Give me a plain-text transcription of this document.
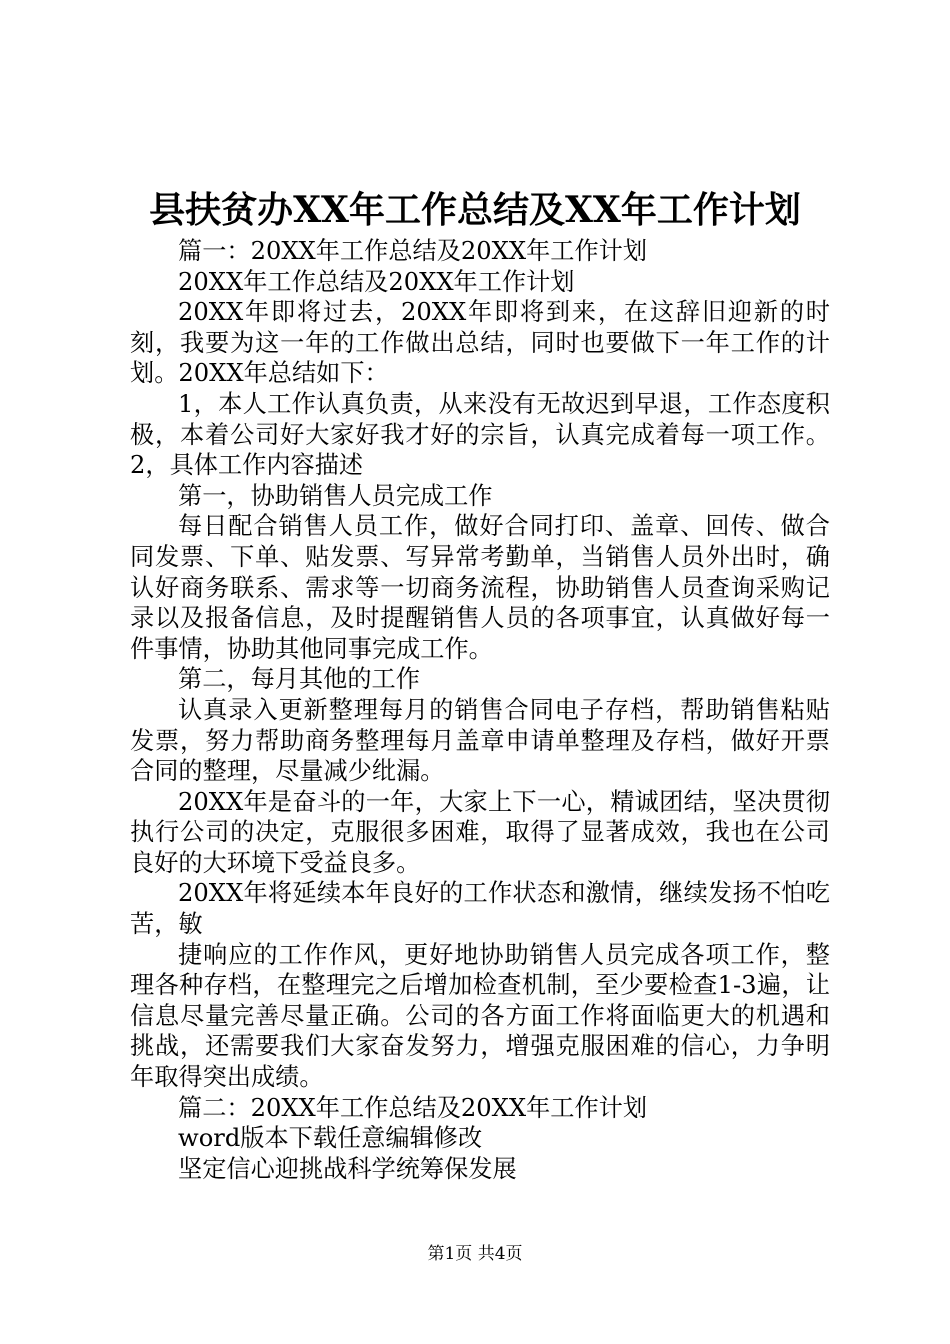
县扶贫办XX年工作总结及XX年工作计划

篇一：20XX年工作总结及20XX年工作计划

20XX年工作总结及20XX年工作计划

20XX年即将过去，20XX年即将到来，在这辞旧迎新的时刻，我要为这一年的工作做出总结，同时也要做下一年工作的计划。20XX年总结如下：

1，本人工作认真负责，从来没有无故迟到早退，工作态度积极，本着公司好大家好我才好的宗旨，认真完成着每一项工作。2，具体工作内容描述

第一，协助销售人员完成工作

每日配合销售人员工作，做好合同打印、盖章、回传、做合同发票、下单、贴发票、写异常考勤单，当销售人员外出时，确认好商务联系、需求等一切商务流程，协助销售人员查询采购记录以及报备信息，及时提醒销售人员的各项事宜，认真做好每一件事情，协助其他同事完成工作。

第二，每月其他的工作

认真录入更新整理每月的销售合同电子存档，帮助销售粘贴发票，努力帮助商务整理每月盖章申请单整理及存档，做好开票合同的整理，尽量减少纰漏。

20XX年是奋斗的一年，大家上下一心，精诚团结，坚决贯彻执行公司的决定，克服很多困难，取得了显著成效，我也在公司良好的大环境下受益良多。

20XX年将延续本年良好的工作状态和激情，继续发扬不怕吃苦，敏

捷响应的工作作风，更好地协助销售人员完成各项工作，整理各种存档，在整理完之后增加检查机制，至少要检查1-3遍，让信息尽量完善尽量正确。公司的各方面工作将面临更大的机遇和挑战，还需要我们大家奋发努力，增强克服困难的信心，力争明年取得突出成绩。

篇二：20XX年工作总结及20XX年工作计划

word版本下载任意编辑修改

坚定信心迎挑战科学统筹保发展

第1页 共4页
